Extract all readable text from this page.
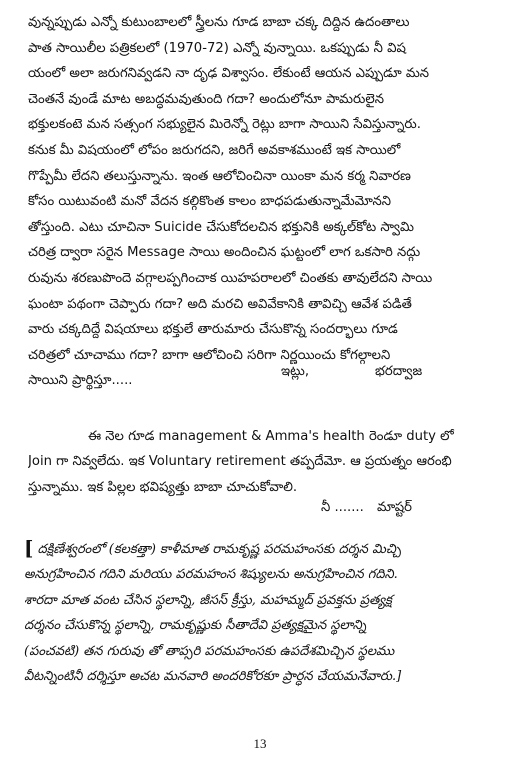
వున్నప్పుడు ఎన్నో కుటుంబాలలో స్త్రీలను గూడ బాబా చక్క దిద్దిన ఉదంతాలు
పాత సాయిలీల పత్రికలలో (1970-72) ఎన్నో వున్నాయి. ఒకప్పుడు నీ విష
యంలో అలా జరుగనివ్వడని నా దృఢ విశ్వాసం. లేకుంటే ఆయన ఎప్పుడూ మన
చెంతనే వుండే మాట అబద్ధమవుతుంది గదా? అందులోనూ పామరులైన
భక్తులకంటె మన సత్సంగ సభ్యులైన మిరెన్నో రెట్లు బాగా సాయిని సేవిస్తున్నారు.
కనుక మీ విషయంలో లోపం జరుగదని, జరిగే అవకాశముంటే ఇక సాయిలో
గొప్పేమీ లేదని తలుస్తున్నాను. ఇంత ఆలోచించినా యింకా మన కర్మ నివారణ
కోసం యిటువంటి మనో వేదన కల్గికొంత కాలం బాధపడుతున్నామేమోనని
తోస్తుంది. ఎటు చూచినా Suicide చేసుకోదలచిన భక్తునికి అక్కల్‌కోట స్వామి
చరిత్ర ద్వారా సరైన Message సాయి అందించిన ఘట్టంలో లాగ ఒకసారి నద్గు
రువును శరణుపొందె వగ్గాలప్పగించాక యిహపరాలలో చింతకు తావులేదని సాయి
ఘంటా పథంగా చెప్పారు గదా? అది మరచి అవివేకానికి తావిచ్చి ఆవేశ పడితే
వారు చక్కదిద్దే విషయాలు భక్తులే తారుమారు చేసుకొన్న సందర్భాలు గూడ
చరిత్రలో చూచాము గదా? బాగా ఆలోచించి సరిగా నిర్ణయించు కోగల్గాలని
సాయిని ప్రార్థిస్తూ.....
ఇట్లు,	భరద్వాజ
ఈ నెల గూడ management & Amma's health రెండూ duty లో
Join గా నివ్వలేదు. ఇక Voluntary retirement తప్పదేమో. ఆ ప్రయత్నం ఆరంభి
స్తున్నాము. ఇక పిల్లల భవిష్యత్తు బాబా చూచుకోవాలి.
నీ ....... మాష్టర్
[ దక్షిణేశ్వరంలో (కలకత్తా) కాళీమాత రామకృష్ణ పరమహంసకు దర్శన మిచ్చి
అనుగ్రహించిన గదిని మరియు పరమహంస శిష్యులను అనుగ్రహించిన గదిని.
శారదా మాత వంట చేసిన స్థలాన్ని, జీసస్ క్రీస్తు, మహమ్మద్ ప్రవక్తను ప్రత్యక్ష
దర్శనం చేసుకొన్న స్థలాన్ని, రామకృష్ణుకు సీతాదేవి ప్రత్యక్షమైన స్థలాన్ని
(పంచవటి) తన గురువు తో తాప్సరి పరమహంసకు ఉపదేశమిచ్చిన స్థలము
వీటన్నింటినీ దర్శిస్తూ అచట మనవారి అందరికోరకూ ప్రార్ధన చేయమనేవారు.]
13
